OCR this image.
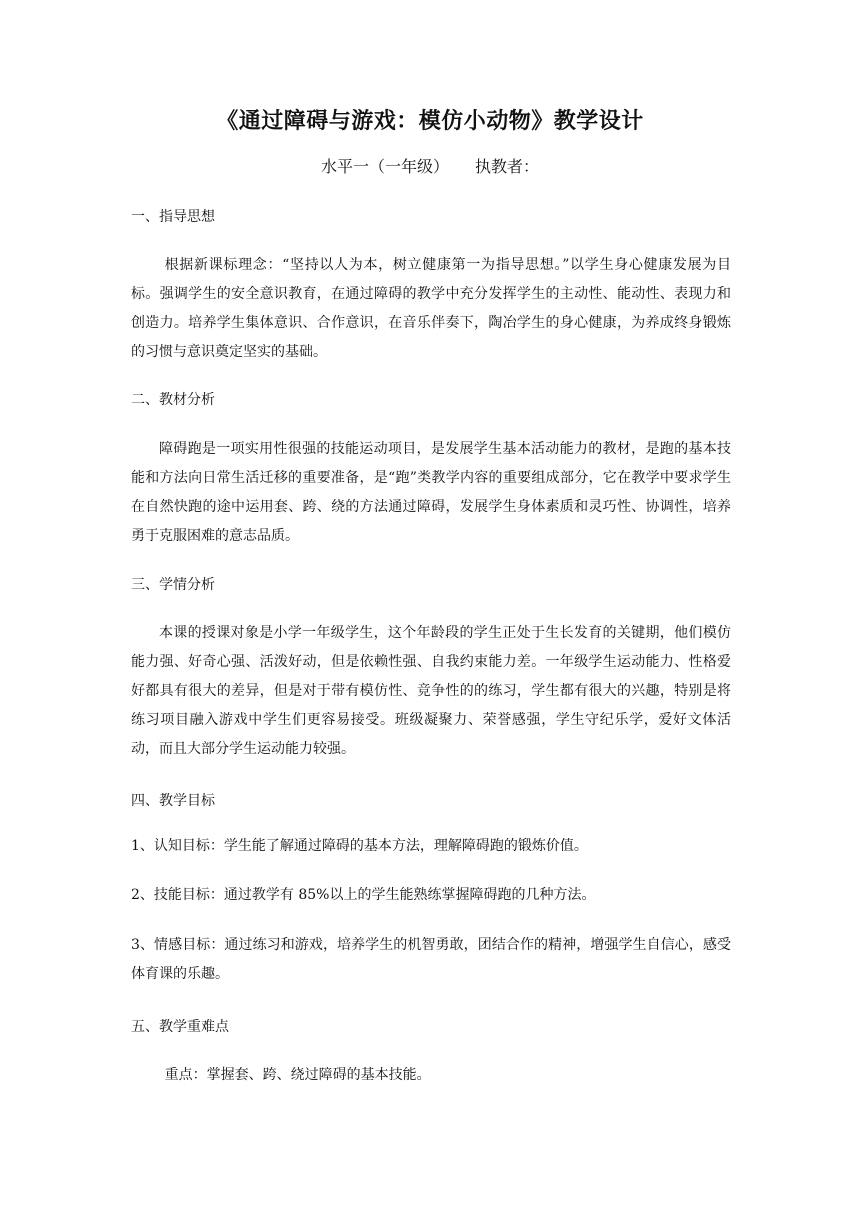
《通过障碍与游戏：模仿小动物》教学设计
水平一（一年级） 执教者：
一、指导思想
根据新课标理念：“坚持以人为本，树立健康第一为指导思想。”以学生身心健康发展为目标。强调学生的安全意识教育，在通过障碍的教学中充分发挥学生的主动性、能动性、表现力和创造力。培养学生集体意识、合作意识，在音乐伴奏下，陶冶学生的身心健康，为养成终身锻炼的习惯与意识奠定坚实的基础。
二、教材分析
障碍跑是一项实用性很强的技能运动项目，是发展学生基本活动能力的教材，是跑的基本技能和方法向日常生活迁移的重要准备，是“跑”类教学内容的重要组成部分，它在教学中要求学生在自然快跑的途中运用套、跨、绕的方法通过障碍，发展学生身体素质和灵巧性、协调性，培养勇于克服困难的意志品质。
三、学情分析
本课的授课对象是小学一年级学生，这个年龄段的学生正处于生长发育的关键期，他们模仿能力强、好奇心强、活泼好动，但是依赖性强、自我约束能力差。一年级学生运动能力、性格爱好都具有很大的差异，但是对于带有模仿性、竞争性的的练习，学生都有很大的兴趣，特别是将练习项目融入游戏中学生们更容易接受。班级凝聚力、荣誉感强，学生守纪乐学，爱好文体活动，而且大部分学生运动能力较强。
四、教学目标
1、认知目标：学生能了解通过障碍的基本方法，理解障碍跑的锻炼价值。
2、技能目标：通过教学有 85%以上的学生能熟练掌握障碍跑的几种方法。
3、情感目标：通过练习和游戏，培养学生的机智勇敢，团结合作的精神，增强学生自信心，感受体育课的乐趣。
五、教学重难点
重点：掌握套、跨、绕过障碍的基本技能。
